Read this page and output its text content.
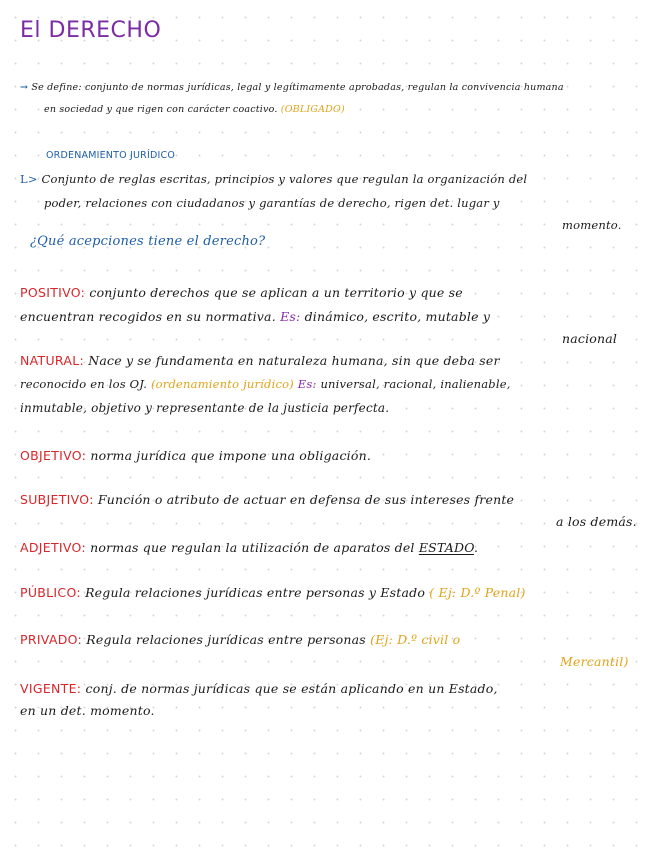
El DERECHO
→ Se define: conjunto de normas jurídicas, legal y legítimamente aprobadas, regulan la convivencia humana
en sociedad y que rigen con carácter coactivo. (OBLIGADO)
ORDENAMIENTO JURÍDICO
L> Conjunto de reglas escritas, principios y valores que regulan la organización del
poder, relaciones con ciudadanos y garantías de derecho, rigen det. lugar y
momento.
¿Qué acepciones tiene el derecho?
POSITIVO: conjunto derechos que se aplican a un territorio y que se
encuentran recogidos en su normativa. Es: dinámico, escrito, mutable y
nacional
NATURAL: Nace y se fundamenta en naturaleza humana, sin que deba ser
reconocido en los OJ. (ordenamiento jurídico) Es: universal, racional, inalienable,
inmutable, objetivo y representante de la justicia perfecta.
OBJETIVO: norma jurídica que impone una obligación.
SUBJETIVO: Función o atributo de actuar en defensa de sus intereses frente
a los demás.
ADJETIVO: normas que regulan la utilización de aparatos del ESTADO.
PÚBLICO: Regula relaciones jurídicas entre personas y Estado ( Ej: D.º Penal)
PRIVADO: Regula relaciones jurídicas entre personas (Ej: D.º civil o
Mercantil)
VIGENTE: conj. de normas jurídicas que se están aplicando en un Estado,
en un det. momento.
